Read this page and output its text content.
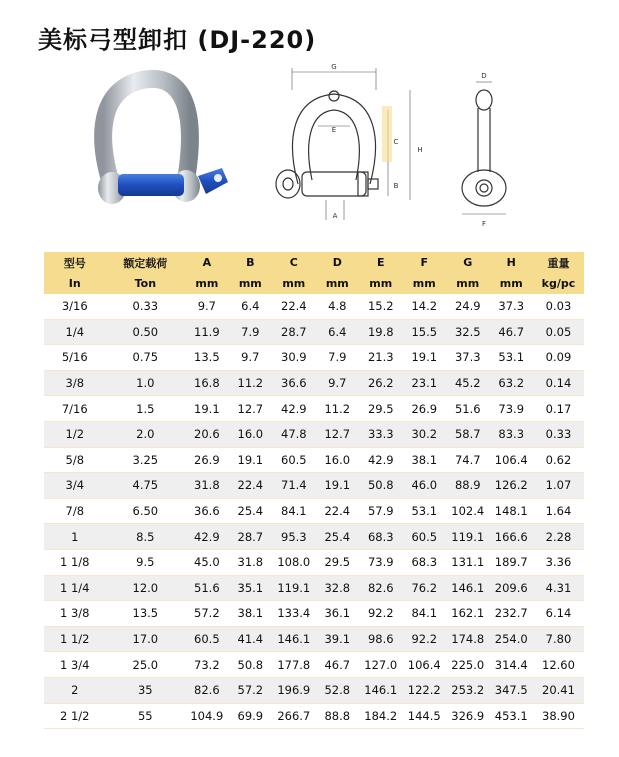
美标弓型卸扣 (DJ-220)
G
E
C
H
B
A
D
F
型号	额定载荷	A	B	C	D	E	F	G	H	重量
In	Ton	mm	mm	mm	mm	mm	mm	mm	mm	kg/pc
3/16	0.33	9.7	6.4	22.4	4.8	15.2	14.2	24.9	37.3	0.03
1/4	0.50	11.9	7.9	28.7	6.4	19.8	15.5	32.5	46.7	0.05
5/16	0.75	13.5	9.7	30.9	7.9	21.3	19.1	37.3	53.1	0.09
3/8	1.0	16.8	11.2	36.6	9.7	26.2	23.1	45.2	63.2	0.14
7/16	1.5	19.1	12.7	42.9	11.2	29.5	26.9	51.6	73.9	0.17
1/2	2.0	20.6	16.0	47.8	12.7	33.3	30.2	58.7	83.3	0.33
5/8	3.25	26.9	19.1	60.5	16.0	42.9	38.1	74.7	106.4	0.62
3/4	4.75	31.8	22.4	71.4	19.1	50.8	46.0	88.9	126.2	1.07
7/8	6.50	36.6	25.4	84.1	22.4	57.9	53.1	102.4	148.1	1.64
1	8.5	42.9	28.7	95.3	25.4	68.3	60.5	119.1	166.6	2.28
1 1/8	9.5	45.0	31.8	108.0	29.5	73.9	68.3	131.1	189.7	3.36
1 1/4	12.0	51.6	35.1	119.1	32.8	82.6	76.2	146.1	209.6	4.31
1 3/8	13.5	57.2	38.1	133.4	36.1	92.2	84.1	162.1	232.7	6.14
1 1/2	17.0	60.5	41.4	146.1	39.1	98.6	92.2	174.8	254.0	7.80
1 3/4	25.0	73.2	50.8	177.8	46.7	127.0	106.4	225.0	314.4	12.60
2	35	82.6	57.2	196.9	52.8	146.1	122.2	253.2	347.5	20.41
2 1/2	55	104.9	69.9	266.7	88.8	184.2	144.5	326.9	453.1	38.90
